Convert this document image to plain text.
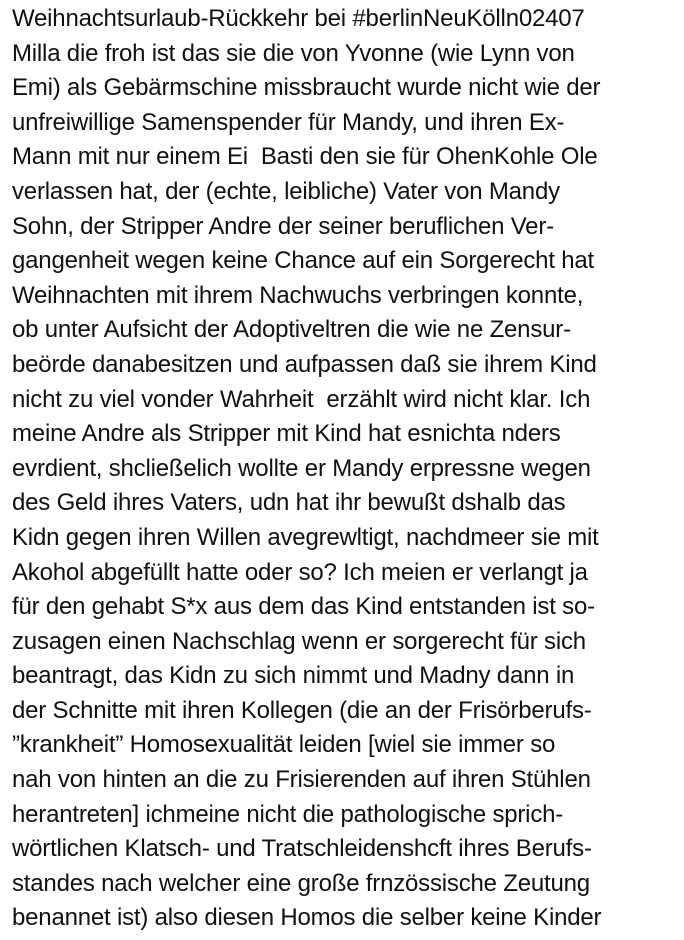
Weihnachtsurlaub-Rückkehr bei #berlinNeuKölln02407
Milla die froh ist das sie die von Yvonne (wie Lynn von
Emi) als Gebärmschine missbraucht wurde nicht wie der
unfreiwillige Samenspender für Mandy, und ihren Ex-
Mann mit nur einem Ei  Basti den sie für OhenKohle Ole
verlassen hat, der (echte, leibliche) Vater von Mandy
Sohn, der Stripper Andre der seiner beruflichen Ver-
gangenheit wegen keine Chance auf ein Sorgerecht hat
Weihnachten mit ihrem Nachwuchs verbringen konnte,
ob unter Aufsicht der Adoptiveltren die wie ne Zensur-
beörde danabesitzen und aufpassen daß sie ihrem Kind
nicht zu viel vonder Wahrheit  erzählt wird nicht klar. Ich
meine Andre als Stripper mit Kind hat esnichta nders
evrdient, shcließelich wollte er Mandy erpressne wegen
des Geld ihres Vaters, udn hat ihr bewußt dshalb das
Kidn gegen ihren Willen avegrewltigt, nachdmeer sie mit
Akohol abgefüllt hatte oder so? Ich meien er verlangt ja
für den gehabt S*x aus dem das Kind entstanden ist so-
zusagen einen Nachschlag wenn er sorgerecht für sich
beantragt, das Kidn zu sich nimmt und Madny dann in
der Schnitte mit ihren Kollegen (die an der Frisörberufs-
”krankheit” Homosexualität leiden [wiel sie immer so
nah von hinten an die zu Frisierenden auf ihren Stühlen
herantreten] ichmeine nicht die pathologische sprich-
wörtlichen Klatsch- und Tratschleidenshcft ihres Berufs-
standes nach welcher eine große frnzössische Zeutung
benannet ist) also diesen Homos die selber keine Kinder
